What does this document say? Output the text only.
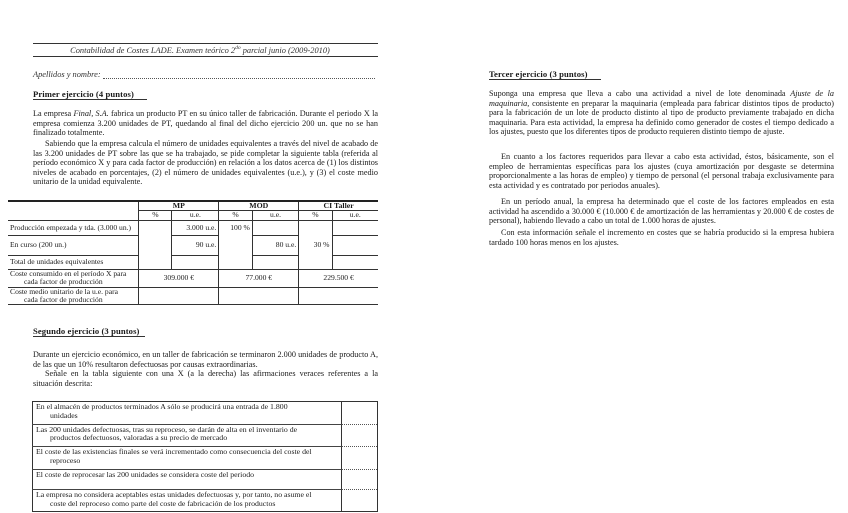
Contabilidad de Costes LADE. Examen teórico $2^{do}$ parcial junio (2009-2010)
Apellidos y nombre:
Primer ejercicio (4 puntos)
La empresa Final, S.A. fabrica un producto PT en su único taller de fabricación. Durante el periodo X la empresa comienza 3.200 unidades de PT, quedando al final del dicho ejercicio 200 un. que no se han finalizado totalmente.
Sabiendo que la empresa calcula el número de unidades equivalentes a través del nivel de acabado de las 3.200 unidades de PT sobre las que se ha trabajado, se pide completar la siguiente tabla (referida al período económico X y para cada factor de producción) en relación a los datos acerca de (1) los distintos niveles de acabado en porcentajes, (2) el número de unidades equivalentes (u.e.), y (3) el coste medio unitario de la unidad equivalente.
	MP		MOD		CI Taller	
	%	u.e.	%	u.e.	%	u.e.
Producción empezada y tda. (3.000 un.)		3.000 u.e.	100 %			
En curso (200 un.)		90 u.e.		80 u.e.	30 %	
Total de unidades equivalentes						
Coste consumido en el período X para
cada factor de producción	309.000 €		77.000 €		229.500 €	
Coste medio unitario de la u.e. para
cada factor de producción						

Segundo ejercicio (3 puntos)
Durante un ejercicio económico, en un taller de fabricación se terminaron 2.000 unidades de producto A, de las que un 10% resultaron defectuosas por causas extraordinarias.
Señale en la tabla siguiente con una X (a la derecha) las afirmaciones veraces referentes a la situación descrita:
En el almacén de productos terminados A sólo se producirá una entrada de 1.800
unidades	

Las 200 unidades defectuosas, tras su reproceso, se darán de alta en el inventario de
productos defectuosos, valoradas a su precio de mercado	

El coste de las existencias finales se verá incrementado como consecuencia del coste del
reproceso	

El coste de reprocesar las 200 unidades se considera coste del periodo	
La empresa no considera aceptables estas unidades defectuosas y, por tanto, no asume el
coste del reproceso como parte del coste de fabricación de los productos	

Tercer ejercicio (3 puntos)
Suponga una empresa que lleva a cabo una actividad a nivel de lote denominada Ajuste de la maquinaria, consistente en preparar la maquinaria (empleada para fabricar distintos tipos de producto) para la fabricación de un lote de producto distinto al tipo de producto previamente trabajado en dicha maquinaria. Para esta actividad, la empresa ha definido como generador de costes el tiempo dedicado a los ajustes, puesto que los diferentes tipos de producto requieren distinto tiempo de ajuste.
En cuanto a los factores requeridos para llevar a cabo esta actividad, éstos, básicamente, son el empleo de herramientas específicas para los ajustes (cuya amortización por desgaste se determina proporcionalmente a las horas de empleo) y tiempo de personal (el personal trabaja exclusivamente para esta actividad y es contratado por periodos anuales).
En un período anual, la empresa ha determinado que el coste de los factores empleados en esta actividad ha ascendido a 30.000 € (10.000 € de amortización de las herramientas y 20.000 € de costes de personal), habiendo llevado a cabo un total de 1.000 horas de ajustes.
Con esta información señale el incremento en costes que se habría producido si la empresa hubiera tardado 100 horas menos en los ajustes.
